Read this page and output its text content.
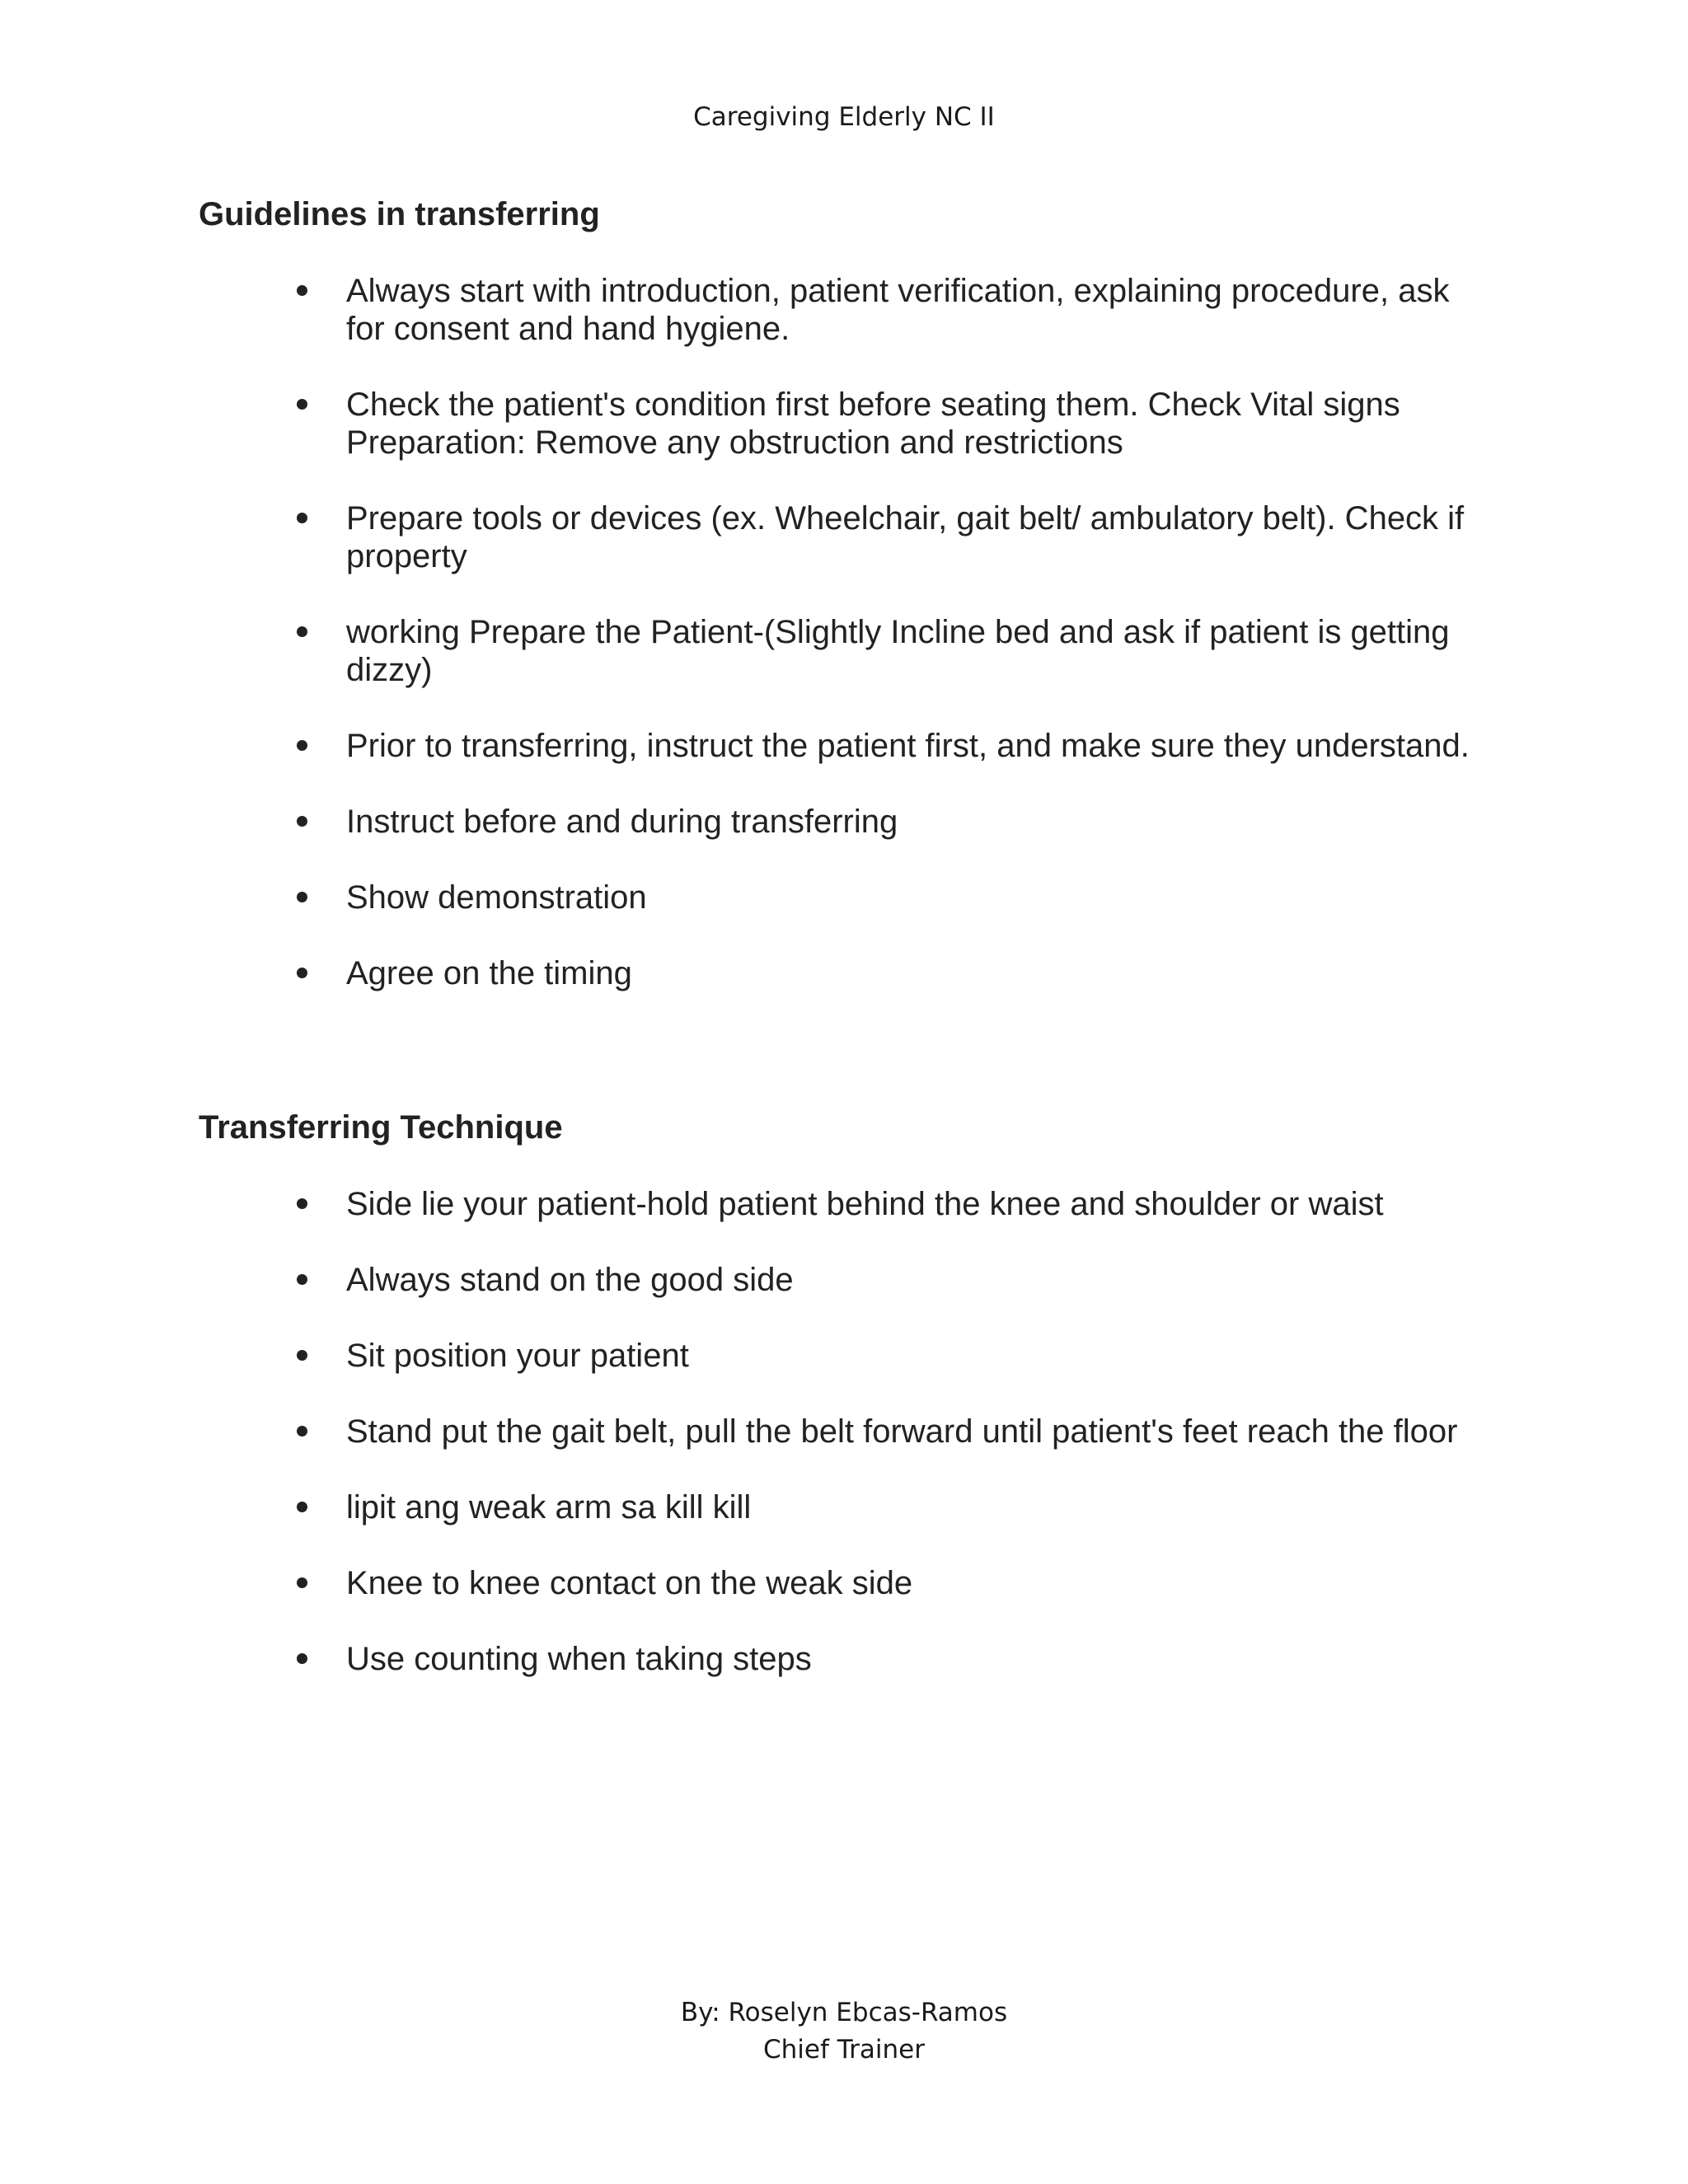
Caregiving Elderly NC II
Guidelines in transferring
Always start with introduction, patient verification, explaining procedure, ask for consent and hand hygiene.
Check the patient's condition first before seating them. Check Vital signs Preparation: Remove any obstruction and restrictions
Prepare tools or devices (ex. Wheelchair, gait belt/ ambulatory belt). Check if property
working Prepare the Patient-(Slightly Incline bed and ask if patient is getting dizzy)
Prior to transferring, instruct the patient first, and make sure they understand.
Instruct before and during transferring
Show demonstration
Agree on the timing
Transferring Technique
Side lie your patient-hold patient behind the knee and shoulder or waist
Always stand on the good side
Sit position your patient
Stand put the gait belt, pull the belt forward until patient's feet reach the floor
lipit ang weak arm sa kill kill
Knee to knee contact on the weak side
Use counting when taking steps
By: Roselyn Ebcas-Ramos
Chief Trainer
